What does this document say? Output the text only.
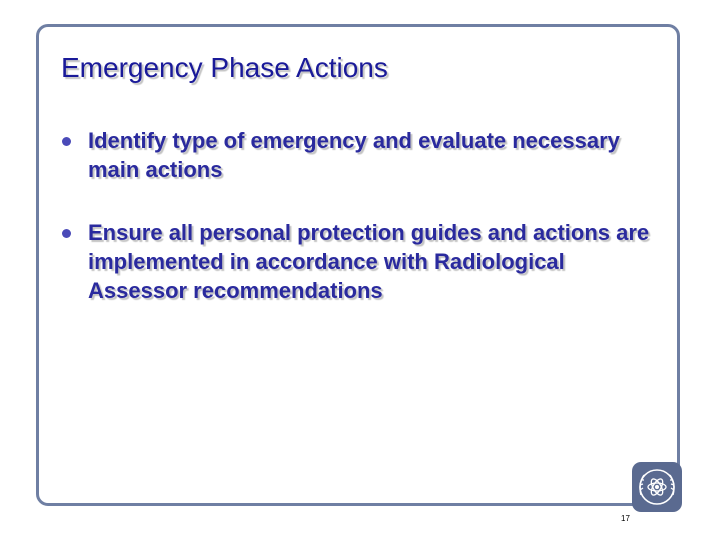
Emergency Phase Actions
Identify type of emergency and evaluate necessary main actions
Ensure all personal protection guides and actions are implemented in accordance with Radiological Assessor recommendations
17
